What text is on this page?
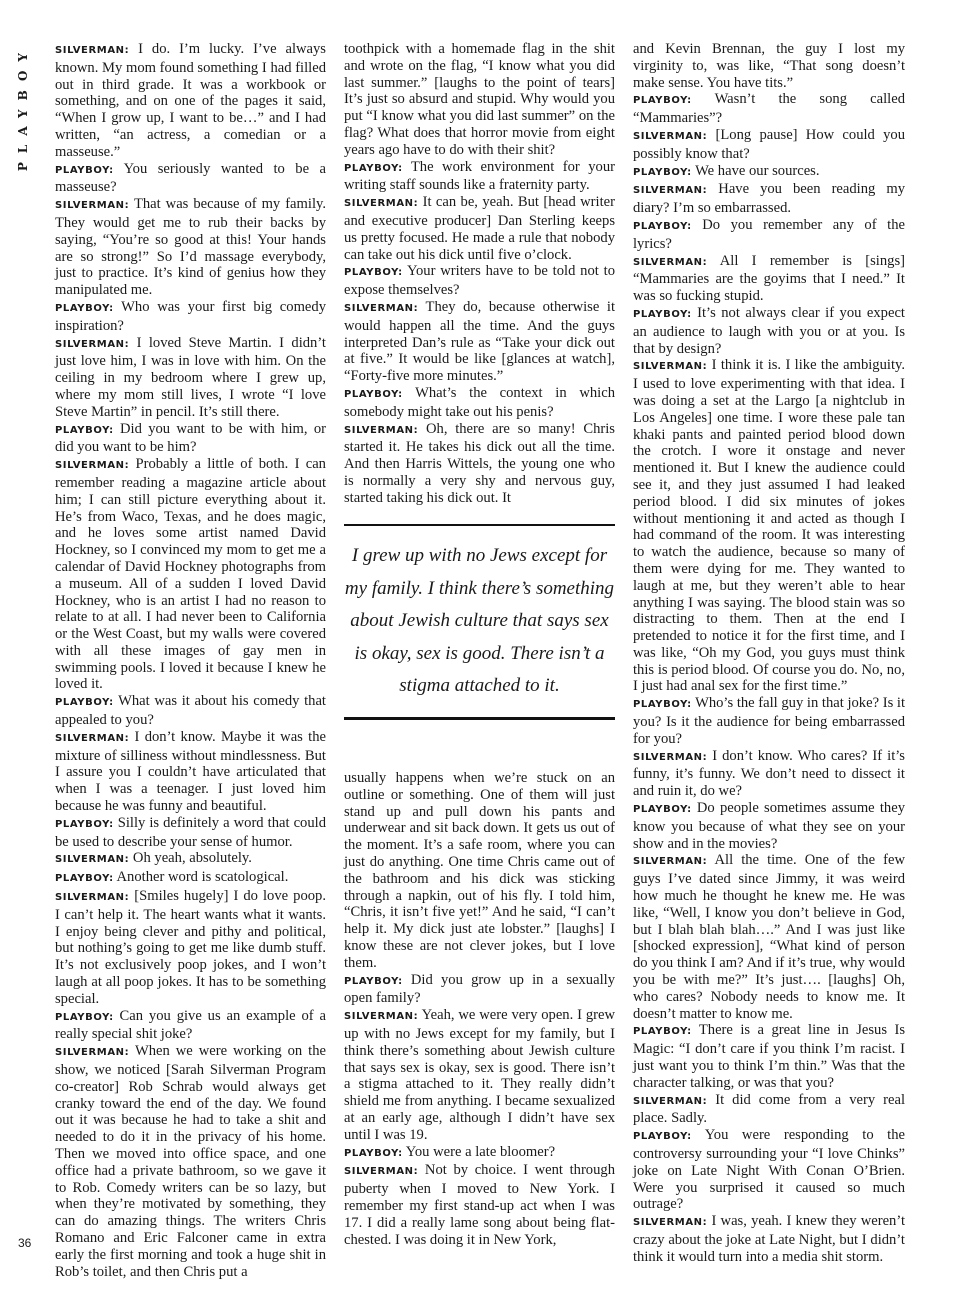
PLAYBOY
36

SILVERMAN: I do. I’m lucky. I’ve always known. My mom found something I had filled out in third grade. It was a workbook or something, and on one of the pages it said, “When I grow up, I want to be…” and I had written, “an actress, a comedian or a masseuse.”

PLAYBOY: You seriously wanted to be a masseuse?

SILVERMAN: That was because of my family. They would get me to rub their backs by saying, “You’re so good at this! Your hands are so strong!” So I’d massage everybody, just to practice. It’s kind of genius how they manipulated me.

PLAYBOY: Who was your first big comedy inspiration?

SILVERMAN: I loved Steve Martin. I didn’t just love him, I was in love with him. On the ceiling in my bedroom where I grew up, where my mom still lives, I wrote “I love Steve Martin” in pencil. It’s still there.

PLAYBOY: Did you want to be with him, or did you want to be him?

SILVERMAN: Probably a little of both. I can remember reading a magazine article about him; I can still picture everything about it. He’s from Waco, Texas, and he does magic, and he loves some artist named David Hockney, so I convinced my mom to get me a calendar of David Hockney photographs from a museum. All of a sudden I loved David Hockney, who is an artist I had no reason to relate to at all. I had never been to California or the West Coast, but my walls were covered with all these images of gay men in swimming pools. I loved it because I knew he loved it.

PLAYBOY: What was it about his comedy that appealed to you?

SILVERMAN: I don’t know. Maybe it was the mixture of silliness without mindlessness. But I assure you I couldn’t have articulated that when I was a teenager. I just loved him because he was funny and beautiful.

PLAYBOY: Silly is definitely a word that could be used to describe your sense of humor.

SILVERMAN: Oh yeah, absolutely.

PLAYBOY: Another word is scatological.

SILVERMAN: [Smiles hugely] I do love poop. I can’t help it. The heart wants what it wants. I enjoy being clever and pithy and political, but nothing’s going to get me like dumb stuff. It’s not exclusively poop jokes, and I won’t laugh at all poop jokes. It has to be something special.

PLAYBOY: Can you give us an example of a really special shit joke?

SILVERMAN: When we were working on the show, we noticed [Sarah Silverman Program co-creator] Rob Schrab would always get cranky toward the end of the day. We found out it was because he had to take a shit and needed to do it in the privacy of his home. Then we moved into office space, and one office had a private bathroom, so we gave it to Rob. Comedy writers can be so lazy, but when they’re motivated by something, they can do amazing things. The writers Chris Romano and Eric Falconer came in extra early the first morning and took a huge shit in Rob’s toilet, and then Chris put a

toothpick with a homemade flag in the shit and wrote on the flag, “I know what you did last summer.” [laughs to the point of tears] It’s just so absurd and stupid. Why would you put “I know what you did last summer” on the flag? What does that horror movie from eight years ago have to do with their shit?

PLAYBOY: The work environment for your writing staff sounds like a fraternity party.

SILVERMAN: It can be, yeah. But [head writer and executive producer] Dan Sterling keeps us pretty focused. He made a rule that nobody can take out his dick until five o’clock.

PLAYBOY: Your writers have to be told not to expose themselves?

SILVERMAN: They do, because otherwise it would happen all the time. And the guys interpreted Dan’s rule as “Take your dick out at five.” It would be like [glances at watch], “Forty-five more minutes.”

PLAYBOY: What’s the context in which somebody might take out his penis?

SILVERMAN: Oh, there are so many! Chris started it. He takes his dick out all the time. And then Harris Wittels, the young one who is normally a very shy and nervous guy, started taking his dick out. It

I grew up with no Jews except for my family. I think there’s something about Jewish culture that says sex is okay, sex is good. There isn’t a stigma attached to it.

usually happens when we’re stuck on an outline or something. One of them will just stand up and pull down his pants and underwear and sit back down. It gets us out of the moment. It’s a safe room, where you can just do anything. One time Chris came out of the bathroom and his dick was sticking through a napkin, out of his fly. I told him, “Chris, it isn’t five yet!” And he said, “I can’t help it. My dick just ate lobster.” [laughs] I know these are not clever jokes, but I love them.

PLAYBOY: Did you grow up in a sexually open family?

SILVERMAN: Yeah, we were very open. I grew up with no Jews except for my family, but I think there’s something about Jewish culture that says sex is okay, sex is good. There isn’t a stigma attached to it. They really didn’t shield me from anything. I became sexualized at an early age, although I didn’t have sex until I was 19.

PLAYBOY: You were a late bloomer?

SILVERMAN: Not by choice. I went through puberty when I moved to New York. I remember my first stand-up act when I was 17. I did a really lame song about being flat-chested. I was doing it in New York,

and Kevin Brennan, the guy I lost my virginity to, was like, “That song doesn’t make sense. You have tits.”

PLAYBOY: Wasn’t the song called “Mammaries”?

SILVERMAN: [Long pause] How could you possibly know that?

PLAYBOY: We have our sources.

SILVERMAN: Have you been reading my diary? I’m so embarrassed.

PLAYBOY: Do you remember any of the lyrics?

SILVERMAN: All I remember is [sings] “Mammaries are the goyims that I need.” It was so fucking stupid.

PLAYBOY: It’s not always clear if you expect an audience to laugh with you or at you. Is that by design?

SILVERMAN: I think it is. I like the ambiguity. I used to love experimenting with that idea. I was doing a set at the Largo [a nightclub in Los Angeles] one time. I wore these pale tan khaki pants and painted period blood down the crotch. I wore it onstage and never mentioned it. But I knew the audience could see it, and they just assumed I had leaked period blood. I did six minutes of jokes without mentioning it and acted as though I had command of the room. It was interesting to watch the audience, because so many of them were dying for me. They wanted to laugh at me, but they weren’t able to hear anything I was saying. The blood stain was so distracting to them. Then at the end I pretended to notice it for the first time, and I was like, “Oh my God, you guys must think this is period blood. Of course you do. No, no, I just had anal sex for the first time.”

PLAYBOY: Who’s the fall guy in that joke? Is it you? Is it the audience for being embarrassed for you?

SILVERMAN: I don’t know. Who cares? If it’s funny, it’s funny. We don’t need to dissect it and ruin it, do we?

PLAYBOY: Do people sometimes assume they know you because of what they see on your show and in the movies?

SILVERMAN: All the time. One of the few guys I’ve dated since Jimmy, it was weird how much he thought he knew me. He was like, “Well, I know you don’t believe in God, but I blah blah blah….” And I was just like [shocked expression], “What kind of person do you think I am? And if it’s true, why would you be with me?” It’s just…. [laughs] Oh, who cares? Nobody needs to know me. It doesn’t matter to know me.

PLAYBOY: There is a great line in Jesus Is Magic: “I don’t care if you think I’m racist. I just want you to think I’m thin.” Was that the character talking, or was that you?

SILVERMAN: It did come from a very real place. Sadly.

PLAYBOY: You were responding to the controversy surrounding your “I love Chinks” joke on Late Night With Conan O’Brien. Were you surprised it caused so much outrage?

SILVERMAN: I was, yeah. I knew they weren’t crazy about the joke at Late Night, but I didn’t think it would turn into a media shit storm.
